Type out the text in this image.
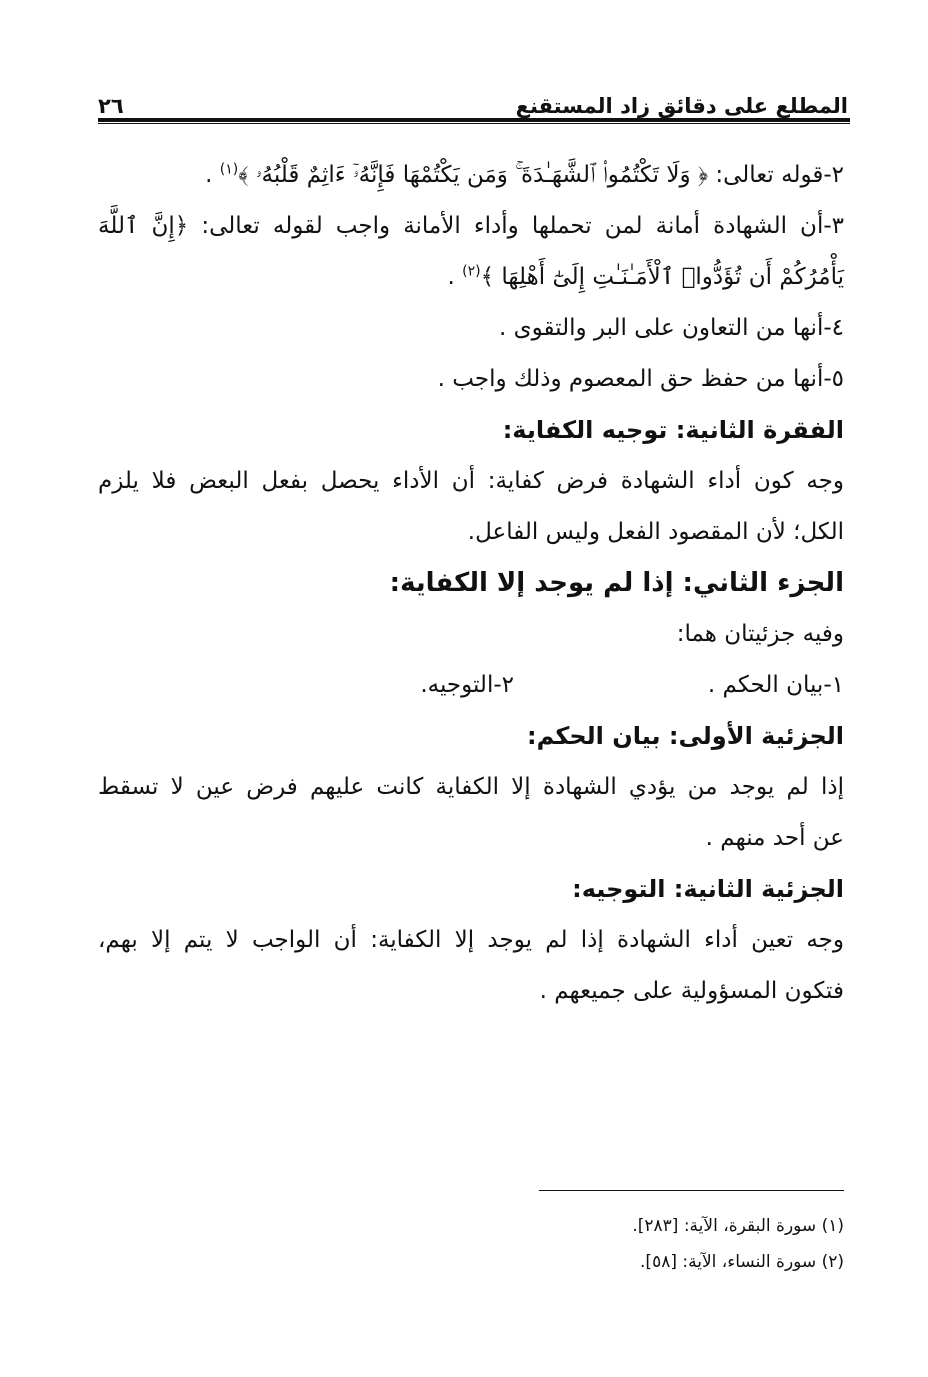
المطلع على دقائق زاد المستقنع
٢٦
٢-قوله تعالى: ﴿ وَلَا تَكْتُمُوا۟ ٱلشَّهَـٰدَةَ ۚ وَمَن يَكْتُمْهَا فَإِنَّهُۥٓ ءَاثِمٌ قَلْبُهُۥ ﴾$^{(١)}$ .
٣-أن الشهادة أمانة لمن تحملها وأداء الأمانة واجب لقوله تعالى: ﴿إِنَّ ٱللَّهَ
يَأْمُرُكُمْ أَن تُؤَدُّوا۟ ٱلْأَمَـٰنَـٰتِ إِلَىٰٓ أَهْلِهَا ﴾$^{(٢)}$ .
٤-أنها من التعاون على البر والتقوى .
٥-أنها من حفظ حق المعصوم وذلك واجب .
الفقرة الثانية: توجيه الكفاية:
وجه كون أداء الشهادة فرض كفاية: أن الأداء يحصل بفعل البعض فلا يلزم
الكل؛ لأن المقصود الفعل وليس الفاعل.
الجزء الثاني: إذا لم يوجد إلا الكفاية:
وفيه جزئيتان هما:
١-بيان الحكم .
٢-التوجيه.
الجزئية الأولى: بيان الحكم:
إذا لم يوجد من يؤدي الشهادة إلا الكفاية كانت عليهم فرض عين لا تسقط
عن أحد منهم .
الجزئية الثانية: التوجيه:
وجه تعين أداء الشهادة إذا لم يوجد إلا الكفاية: أن الواجب لا يتم إلا بهم،
فتكون المسؤولية على جميعهم .
(١) سورة البقرة، الآية: [٢٨٣].
(٢) سورة النساء، الآية: [٥٨].
